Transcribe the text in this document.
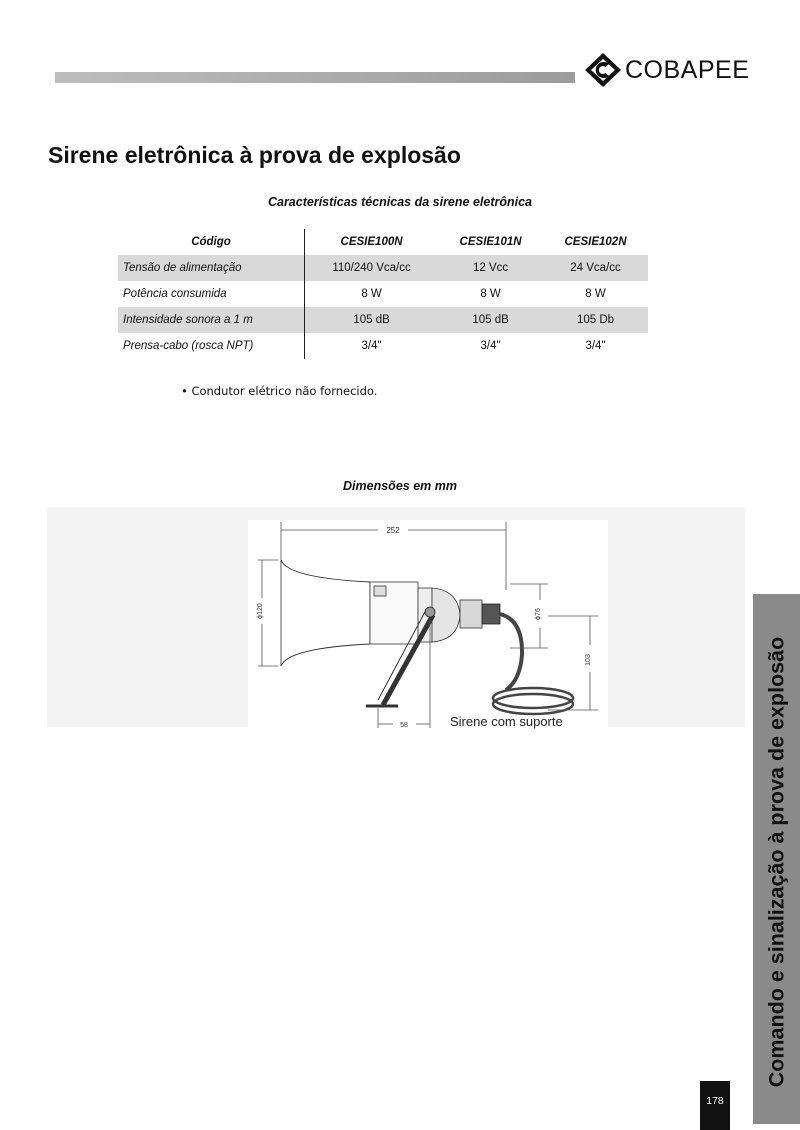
COBAPEE
Sirene eletrônica à prova de explosão
Características técnicas da sirene eletrônica
Código	CESIE100N	CESIE101N	CESIE102N
Tensão de alimentação	110/240 Vca/cc	12 Vcc	24 Vca/cc
Potência consumida	8 W	8 W	8 W
Intensidade sonora a 1 m	105 dB	105 dB	105 Db
Prensa-cabo (rosca NPT)	3/4"	3/4"	3/4"
• Condutor elétrico não fornecido.
Dimensões em mm
252
ϕ120	ϕ76
103
58	Sirene com suporte	Comando e sinalização à prova de explosão
178
